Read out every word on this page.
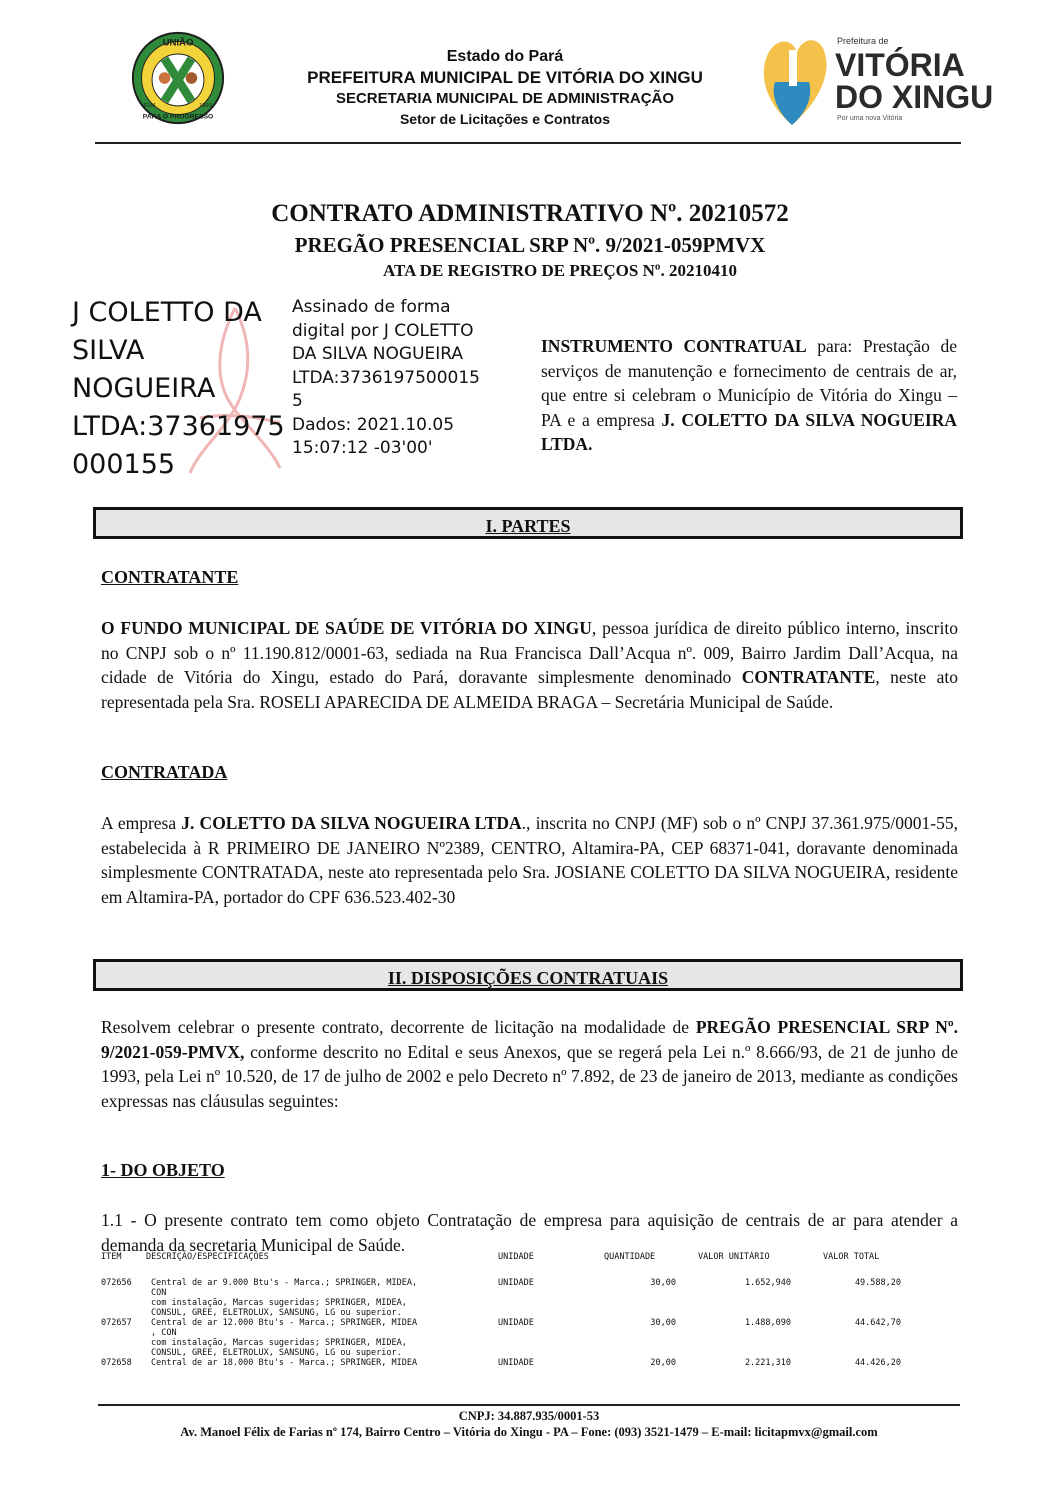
UNIÃO
PARA O PROGRESSO
8161	1993
Estado do Pará
PREFEITURA MUNICIPAL DE VITÓRIA DO XINGU
SECRETARIA MUNICIPAL DE ADMINISTRAÇÃO
Setor de Licitações e Contratos
Prefeitura de
VITÓRIA
DO XINGU
Por uma nova Vitória
CONTRATO ADMINISTRATIVO Nº. 20210572
PREGÃO PRESENCIAL SRP Nº. 9/2021-059PMVX
ATA DE REGISTRO DE PREÇOS Nº. 20210410
J COLETTO DA
SILVA
NOGUEIRA
LTDA:37361975
000155
Assinado de forma
digital por J COLETTO
DA SILVA NOGUEIRA
LTDA:3736197500015
5
Dados: 2021.10.05
15:07:12 -03'00'
INSTRUMENTO CONTRATUAL para: Prestação de serviços de manutenção e fornecimento de centrais de ar, que entre si celebram o Município de Vitória do Xingu – PA e a empresa J. COLETTO DA SILVA NOGUEIRA LTDA.
I. PARTES
CONTRATANTE
O FUNDO MUNICIPAL DE SAÚDE DE VITÓRIA DO XINGU, pessoa jurídica de direito público interno, inscrito no CNPJ sob o nº 11.190.812/0001-63, sediada na Rua Francisca Dall’Acqua nº. 009, Bairro Jardim Dall’Acqua, na cidade de Vitória do Xingu, estado do Pará, doravante simplesmente denominado CONTRATANTE, neste ato representada pela Sra. ROSELI APARECIDA DE ALMEIDA BRAGA – Secretária Municipal de Saúde.
CONTRATADA
A empresa J. COLETTO DA SILVA NOGUEIRA LTDA., inscrita no CNPJ (MF) sob o nº CNPJ 37.361.975/0001-55, estabelecida à R PRIMEIRO DE JANEIRO Nº2389, CENTRO, Altamira-PA, CEP 68371-041, doravante denominada simplesmente CONTRATADA, neste ato representada pelo Sra. JOSIANE COLETTO DA SILVA NOGUEIRA, residente em Altamira-PA, portador do CPF 636.523.402-30
II. DISPOSIÇÕES CONTRATUAIS
Resolvem celebrar o presente contrato, decorrente de licitação na modalidade de PREGÃO PRESENCIAL SRP Nº. 9/2021-059-PMVX, conforme descrito no Edital e seus Anexos, que se regerá pela Lei n.º 8.666/93, de 21 de junho de 1993, pela Lei nº 10.520, de 17 de julho de 2002 e pelo Decreto nº 7.892, de 23 de janeiro de 2013, mediante as condições expressas nas cláusulas seguintes:
1- DO OBJETO
1.1 - O presente contrato tem como objeto Contratação de empresa para aquisição de centrais de ar para atender a demanda da secretaria Municipal de Saúde.
ITEM	DESCRIÇÃO/ESPECIFICAÇÕES	UNIDADE	QUANTIDADE	VALOR UNITÁRIO	VALOR TOTAL
072656 Central de ar 9.000 Btu's - Marca.; SPRINGER, MIDEA,	UNIDADE	30,00	1.652,940	49.588,20
CON
com instalação, Marcas sugeridas; SPRINGER, MIDEA,
CONSUL, GREE, ELETROLUX, SANSUNG, LG ou superior.
072657 Central de ar 12.000 Btu's - Marca.; SPRINGER, MIDEA	UNIDADE	30,00	1.488,090	44.642,70
, CON
com instalação, Marcas sugeridas; SPRINGER, MIDEA,
CONSUL, GREE, ELETROLUX, SANSUNG, LG ou superior.
072658 Central de ar 18.000 Btu's - Marca.; SPRINGER, MIDEA	UNIDADE	20,00	2.221,310	44.426,20
CNPJ: 34.887.935/0001-53
Av. Manoel Félix de Farias nº 174, Bairro Centro – Vitória do Xingu - PA – Fone: (093) 3521-1479 – E-mail: licitapmvx@gmail.com
